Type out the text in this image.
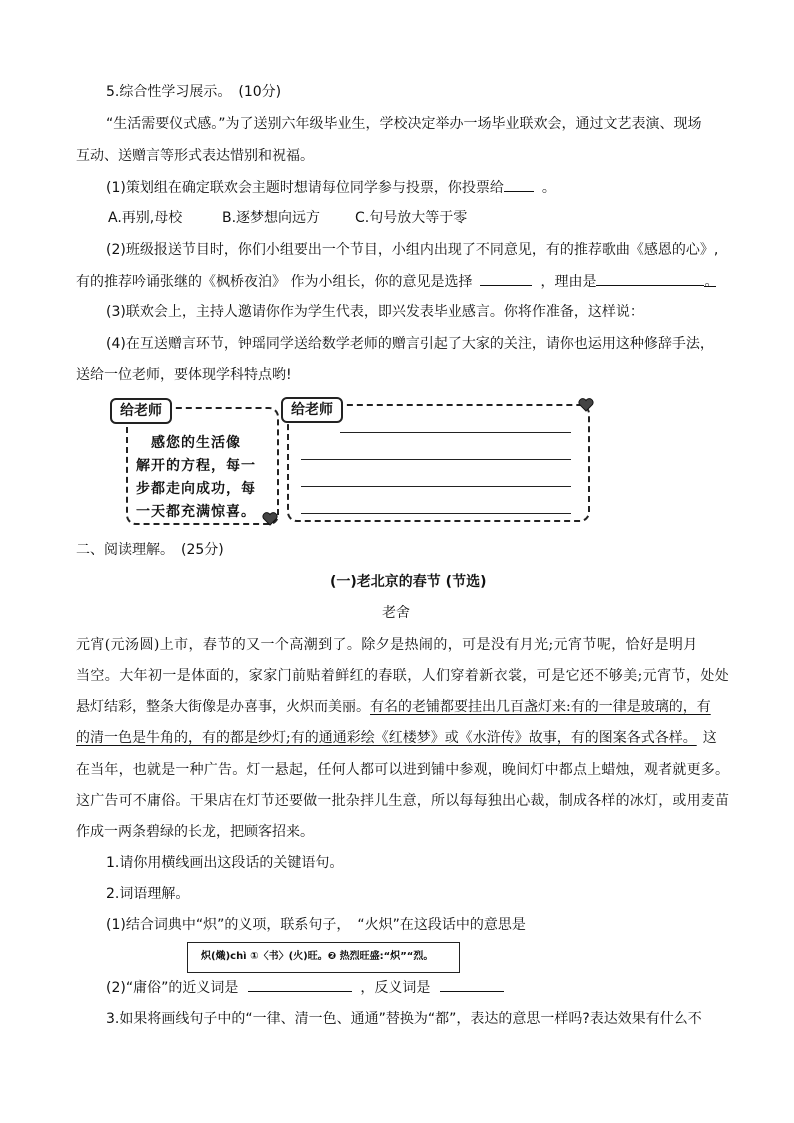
5.综合性学习展示。　(10分)
“生活需要仪式感。”为了送别六年级毕业生，学校决定举办一场毕业联欢会，通过文艺表演、现场
互动、送赠言等形式表达惜别和祝福。
(1)策划组在确定联欢会主题时想请每位同学参与投票，你投票给	。
A.再别,母校	B.逐梦想向远方 C.句号放大等于零
(2)班级报送节目时，你们小组要出一个节目，小组内出现了不同意见，有的推荐歌曲《感恩的心》,
有的推荐吟诵张继的《枫桥夜泊》 作为小组长，你的意见是选择	，理由是	。
(3)联欢会上，主持人邀请你作为学生代表，即兴发表毕业感言。你将作准备，这样说：
(4)在互送赠言环节，钟瑶同学送给数学老师的赠言引起了大家的关注，请你也运用这种修辞手法，
送给一位老师，要体现学科特点哟!
给老师
　感您的生活像
解开的方程，每一
步都走向成功，每
一天都充满惊喜。
给老师
二、阅读理解。　(25分)
(一)老北京的春节 (节选)
老舍
元宵(元汤圆)上市，春节的又一个高潮到了。除夕是热闹的，可是没有月光;元宵节呢，恰好是明月
当空。大年初一是体面的，家家门前贴着鲜红的春联，人们穿着新衣裳，可是它还不够美;元宵节，处处
悬灯结彩，整条大街像是办喜事，火炽而美丽。有名的老铺都要挂出几百盏灯来:有的一律是玻璃的，有
的清一色是牛角的，有的都是纱灯;有的通通彩绘《红楼梦》或《水浒传》故事，有的图案各式各样。 这
在当年，也就是一种广告。灯一悬起，任何人都可以进到铺中参观，晚间灯中都点上蜡烛，观者就更多。
这广告可不庸俗。干果店在灯节还要做一批杂拌儿生意，所以每每独出心裁，制成各样的冰灯，或用麦苗
作成一两条碧绿的长龙，把顾客招来。
1.请你用横线画出这段话的关键语句。
2.词语理解。
(1)结合词典中“炽”的义项，联系句子，　“火炽”在这段话中的意思是
炽(熾)chì ①〈书〉(火)旺。❷ 热烈旺盛:“炽”“烈。
(2)“庸俗”的近义词是	，反义词是
3.如果将画线句子中的“一律、清一色、通通”替换为“都”，表达的意思一样吗?表达效果有什么不
